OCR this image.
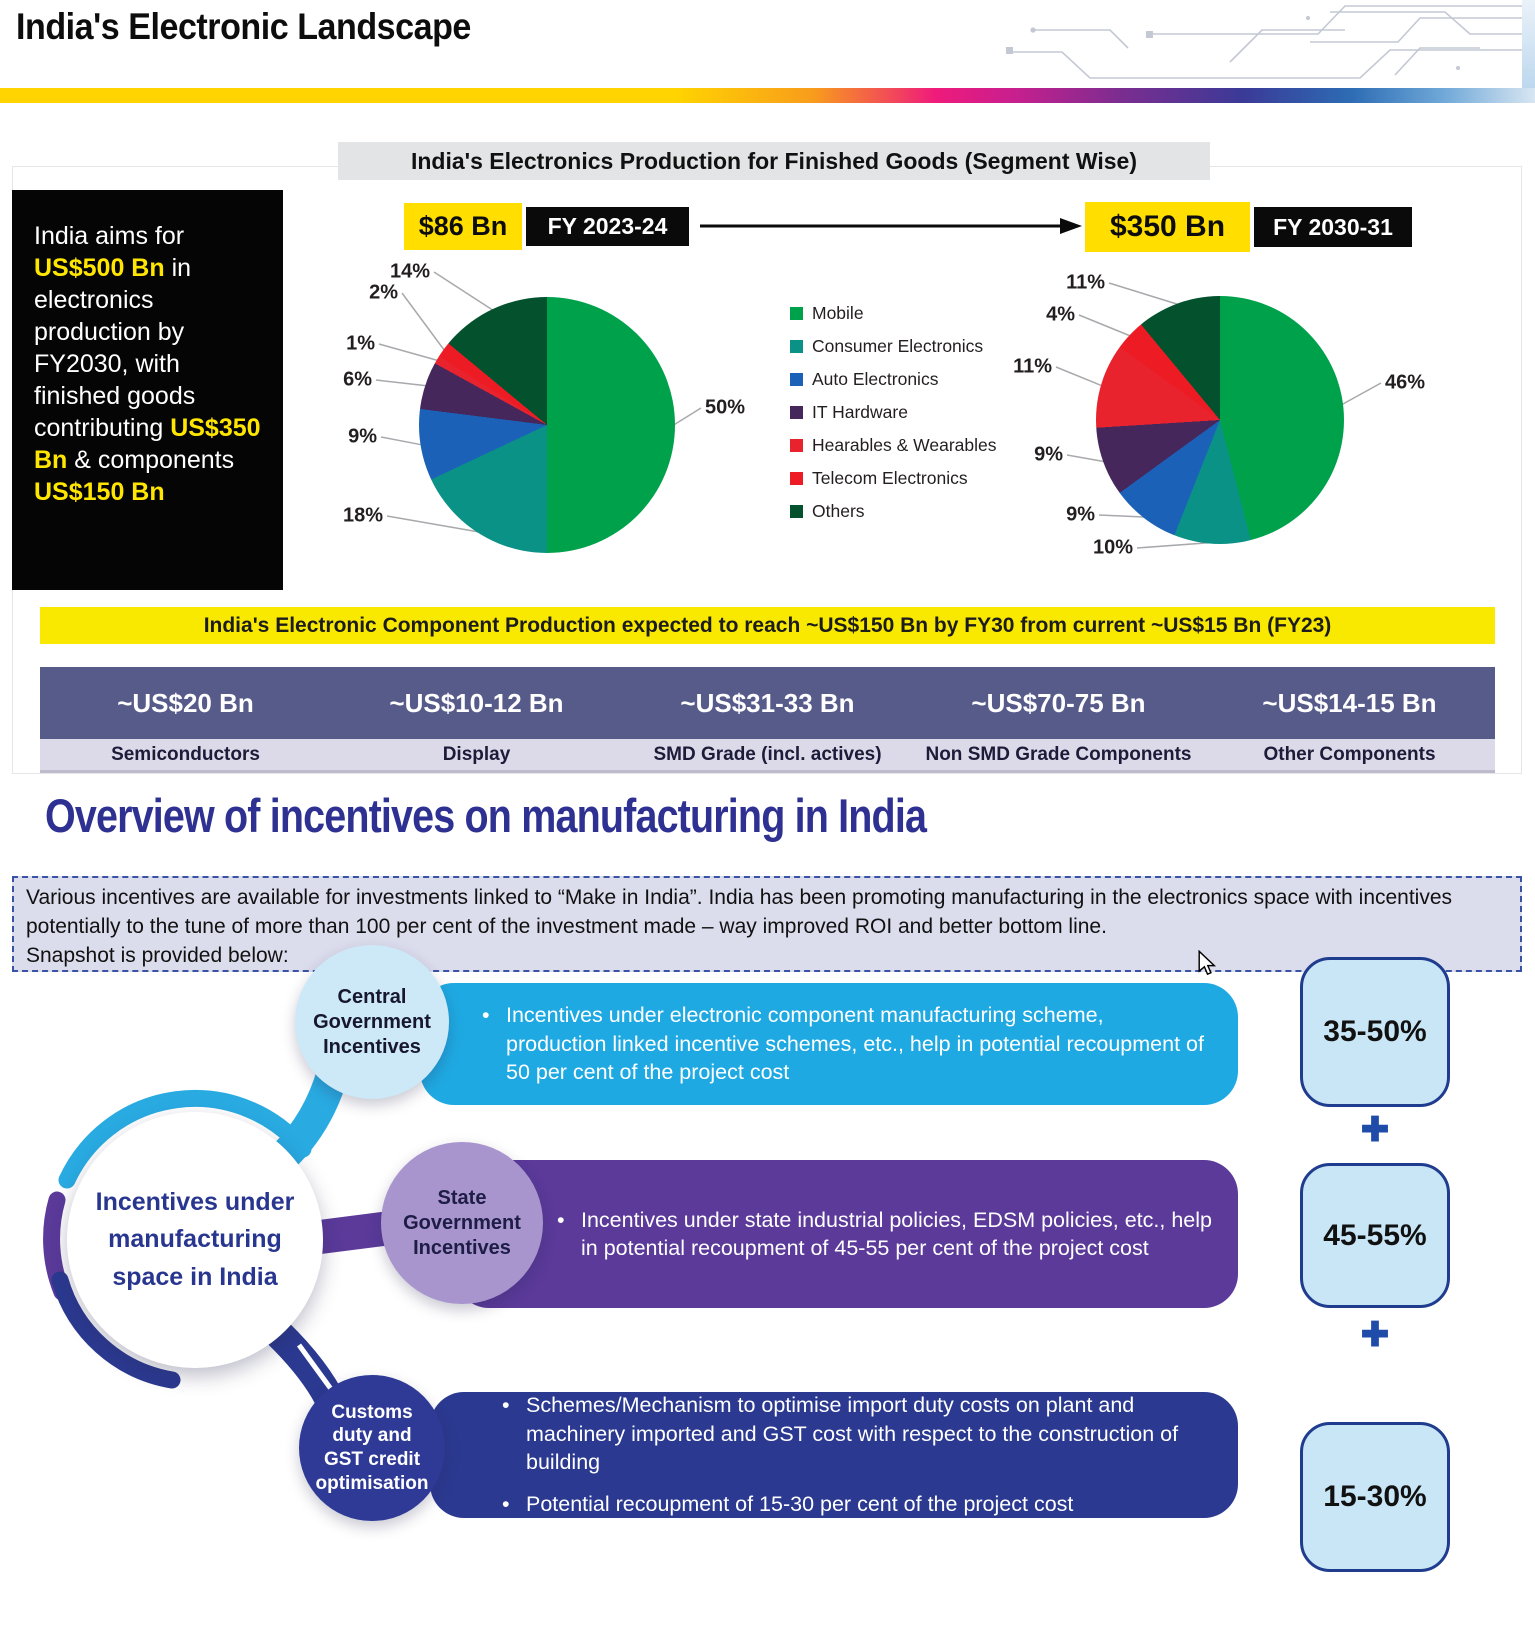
India's Electronic Landscape
India's Electronics Production for Finished Goods (Segment Wise)
India aims for US$500 Bn in electronics production by FY2030, with finished goods contributing US$350 Bn & components US$150 Bn
$86 Bn	FY 2023-24	$350 Bn	FY 2030-31
50%
18%
9%
6%
1%
2%
14%
46%
10%
9%
9%
11%
4%
11%
Mobile
Consumer Electronics
Auto Electronics
IT Hardware
Hearables & Wearables
Telecom Electronics
Others
India's Electronic Component Production expected to reach ~US$150 Bn by FY30 from current ~US$15 Bn (FY23)
~US$20 Bn	~US$10-12 Bn	~US$31-33 Bn	~US$70-75 Bn	~US$14-15 Bn
Semiconductors	Display	SMD Grade (incl. actives)	Non SMD Grade Components	Other Components
Overview of incentives on manufacturing in India
Various incentives are available for investments linked to “Make in India”. India has been promoting manufacturing in the electronics space with incentives potentially to the tune of more than 100 per cent of the investment made – way improved ROI and better bottom line.
Snapshot is provided below:
Incentives under
manufacturing
space in India
• Incentives under electronic component manufacturing scheme, production linked incentive schemes, etc., help in potential recoupment of 50 per cent of the project cost
Central
Government
Incentives	35-50%
✚
• Incentives under state industrial policies, EDSM policies, etc., help in potential recoupment of 45-55 per cent of the project cost
State
Government
Incentives	45-55%
✚
• Schemes/Mechanism to optimise import duty costs on plant and machinery imported and GST cost with respect to the construction of building
• Potential recoupment of 15-30 per cent of the project cost
Customs
duty and
GST credit
optimisation	15-30%
